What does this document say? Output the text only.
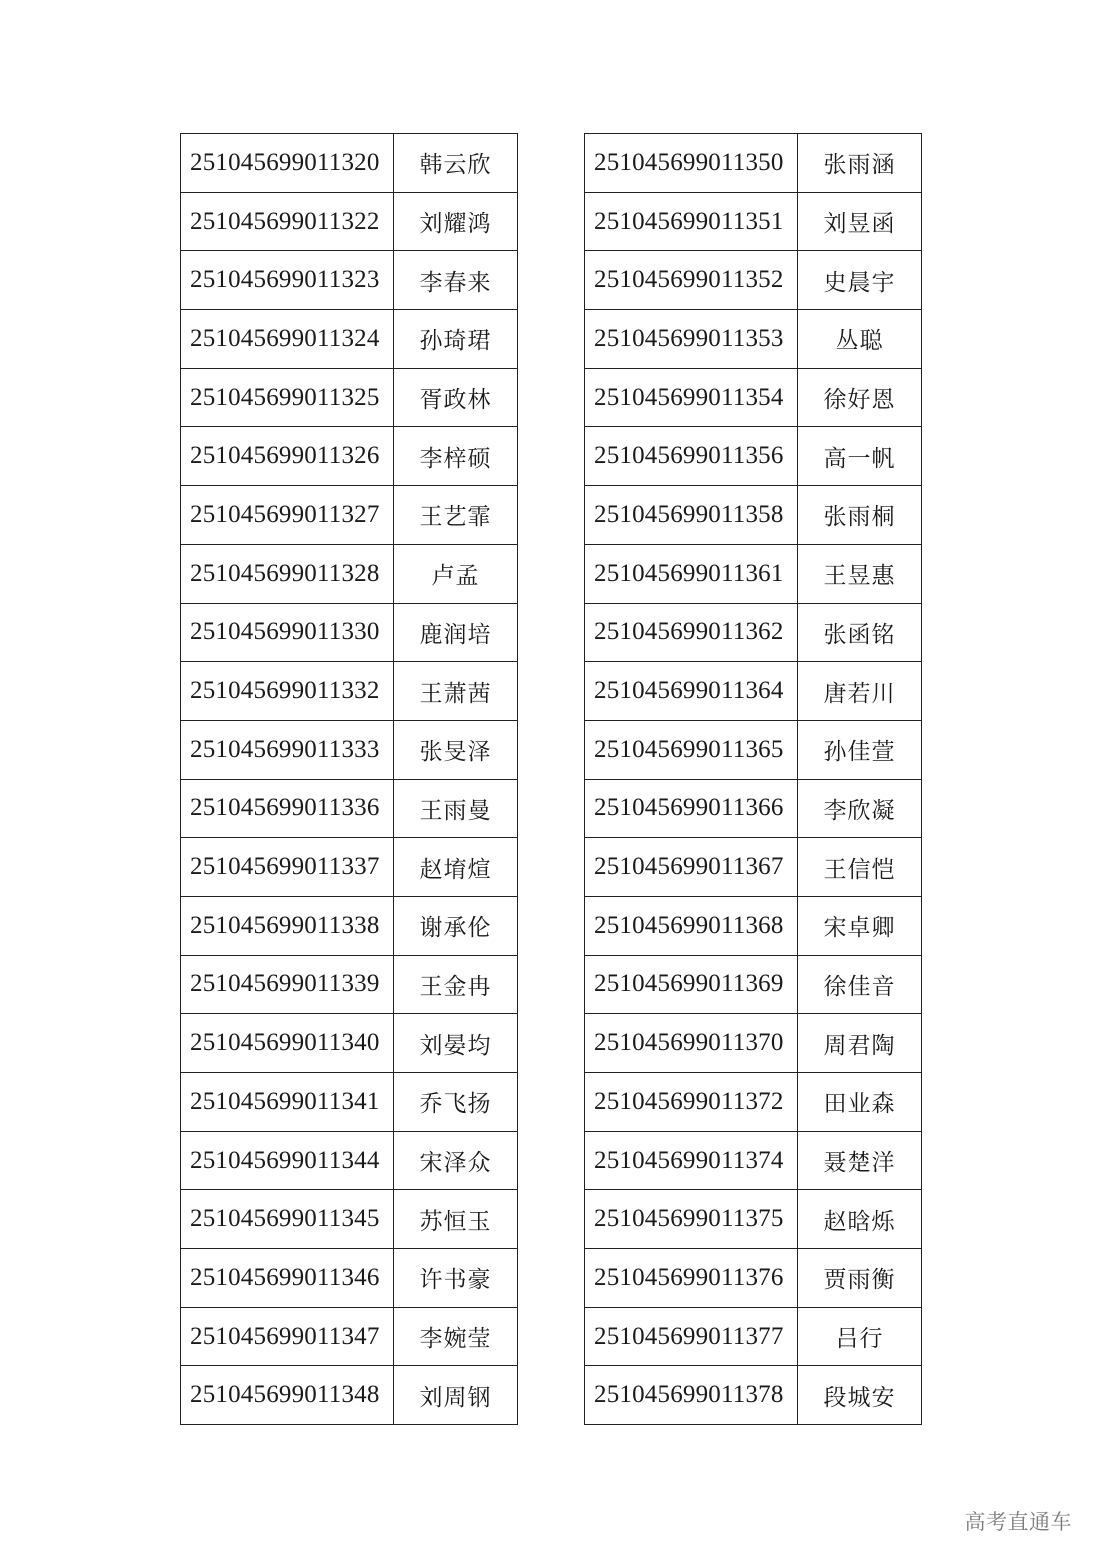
251045699011320	韩云欣
251045699011322	刘耀鸿
251045699011323	李春来
251045699011324	孙琦珺
251045699011325	胥政林
251045699011326	李梓硕
251045699011327	王艺霏
251045699011328	卢孟
251045699011330	鹿润培
251045699011332	王萧茜
251045699011333	张旻泽
251045699011336	王雨曼
251045699011337	赵堉煊
251045699011338	谢承伦
251045699011339	王金冉
251045699011340	刘晏均
251045699011341	乔飞扬
251045699011344	宋泽众
251045699011345	苏恒玉
251045699011346	许书豪
251045699011347	李婉莹
251045699011348	刘周钢
251045699011350	张雨涵
251045699011351	刘昱函
251045699011352	史晨宇
251045699011353	丛聪
251045699011354	徐好恩
251045699011356	高一帆
251045699011358	张雨桐
251045699011361	王昱惠
251045699011362	张函铭
251045699011364	唐若川
251045699011365	孙佳萱
251045699011366	李欣凝
251045699011367	王信恺
251045699011368	宋卓卿
251045699011369	徐佳音
251045699011370	周君陶
251045699011372	田业森
251045699011374	聂楚洋
251045699011375	赵晗烁
251045699011376	贾雨衡
251045699011377	吕行
251045699011378	段城安
高考直通车
